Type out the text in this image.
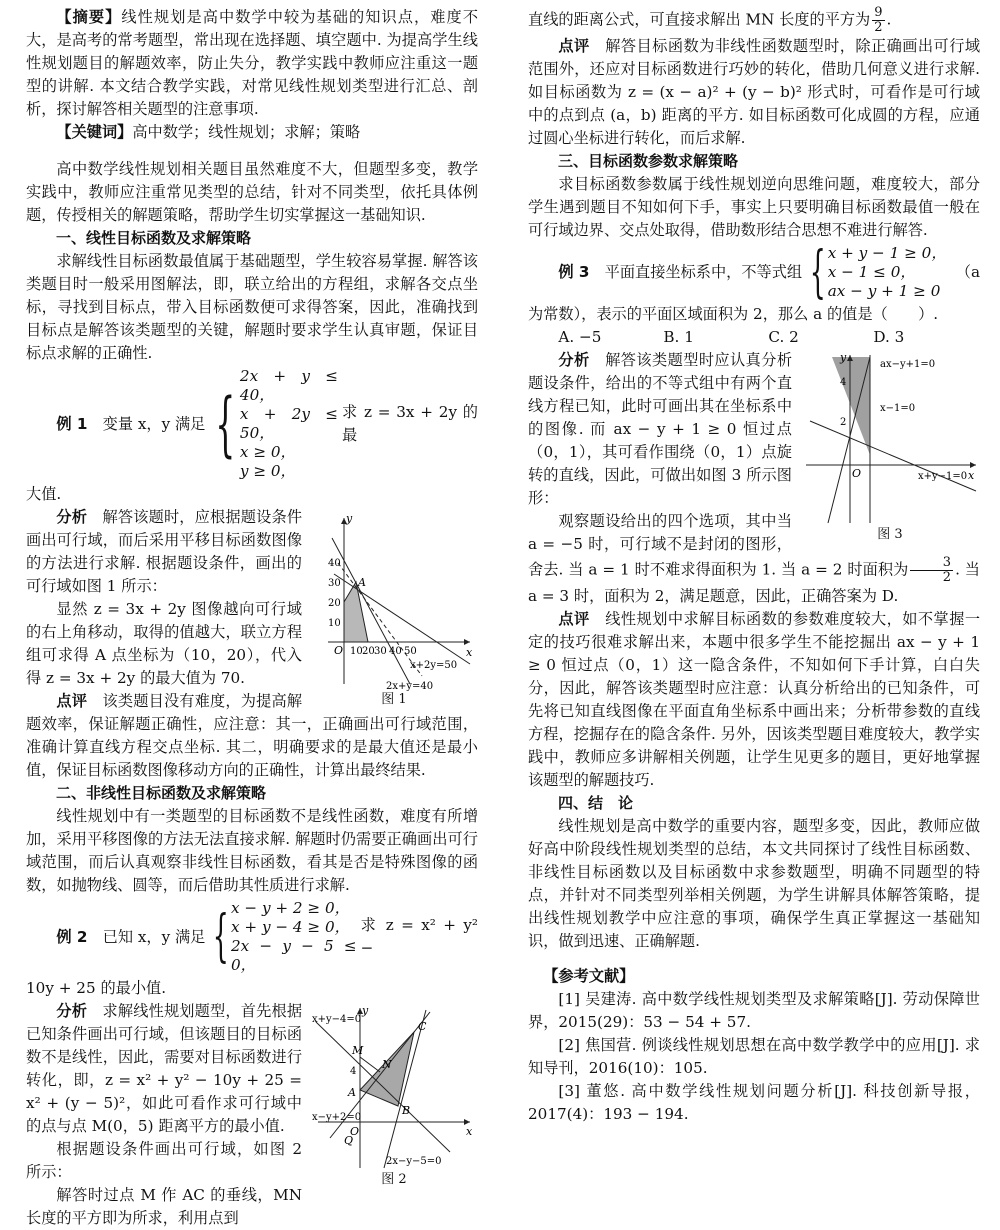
【摘要】线性规划是高中数学中较为基础的知识点，难度不大，是高考的常考题型，常出现在选择题、填空题中. 为提高学生线性规划题目的解题效率，防止失分，教学实践中教师应注重这一题型的讲解. 本文结合教学实践，对常见线性规划类型进行汇总、剖析，探讨解答相关题型的注意事项.

【关键词】高中数学；线性规划；求解；策略

高中数学线性规划相关题目虽然难度不大，但题型多变，教学实践中，教师应注重常见类型的总结，针对不同类型，依托具体例题，传授相关的解题策略，帮助学生切实掌握这一基础知识.

一、线性目标函数及求解策略

求解线性目标函数最值属于基础题型，学生较容易掌握. 解答该类题目时一般采用图解法，即，联立给出的方程组，求解各交点坐标，寻找到目标点，带入目标函数便可求得答案，因此，准确找到目标点是解答该类题型的关键，解题时要求学生认真审题，保证目标点求解的正确性.

例 1　 变量 x，y 满足 {
2x + y ≤ 40，
x + 2y ≤ 50，
x ≥ 0，
y ≥ 0，
求 z = 3x + 2y 的最

大值.

y
x
O
40
30
20
10
10 20 30 40 50
A
x+2y=50
2x+y=40
图 1

分析　 解答该题时，应根据题设条件画出可行域，而后采用平移目标函数图像的方法进行求解. 根据题设条件，画出的可行域如图 1 所示：

显然 z = 3x + 2y 图像越向可行域的右上角移动，取得的值越大，联立方程组可求得 A 点坐标为（10，20），代入得 z = 3x + 2y 的最大值为 70.

点评　 该类题目没有难度，为提高解题效率，保证解题正确性，应注意：其一，正确画出可行域范围，准确计算直线方程交点坐标. 其二，明确要求的是最大值还是最小值，保证目标函数图像移动方向的正确性，计算出最终结果.

二、非线性目标函数及求解策略

线性规划中有一类题型的目标函数不是线性函数，难度有所增加，采用平移图像的方法无法直接求解. 解题时仍需要正确画出可行域范围，而后认真观察非线性目标函数，看其是否是特殊图像的函数，如抛物线、圆等，而后借助其性质进行求解.

例 2　 已知 x，y 满足 { x − y + 2 ≥ 0，
x + y − 4 ≥ 0，
2x − y − 5 ≤ 0，
求 z = x² + y² −

10y + 25 的最小值.

y
x
O
4
M
N
A
B
C
Q
x+y−4=0
x−y+2=0
2x−y−5=0
图 2

分析　 求解线性规划题型，首先根据已知条件画出可行域，但该题目的目标函数不是线性，因此，需要对目标函数进行转化，即，z = x² + y² − 10y + 25 = x² + (y − 5)²，如此可看作求可行域中的点与点 M(0，5) 距离平方的最小值.

根据题设条件画出可行域，如图 2 所示：

解答时过点 M 作 AC 的垂线，MN 长度的平方即为所求，利用点到

直线的距离公式，可直接求解出 MN 长度的平方为 $\frac{9}{2}$ .

点评　 解答目标函数为非线性函数题型时，除正确画出可行域范围外，还应对目标函数进行巧妙的转化，借助几何意义进行求解. 如目标函数为 z = (x − a)² + (y − b)² 形式时，可看作是可行域中的点到点 (a，b) 距离的平方. 如目标函数可化成圆的方程，应通过圆心坐标进行转化，而后求解.

三、目标函数参数求解策略

求目标函数参数属于线性规划逆向思维问题，难度较大，部分学生遇到题目不知如何下手，事实上只要明确目标函数最值一般在可行域边界、交点处取得，借助数形结合思想不难进行解答.

例 3　 平面直接坐标系中，不等式组 { x + y − 1 ≥ 0，
x − 1 ≤ 0，
ax − y + 1 ≥ 0
（a

为常数），表示的平面区域面积为 2，那么 a 的值是（　　）.

A. −5	B. 1	C. 2	D. 3
y
x
O
4
2
ax−y+1=0
x−1=0
x+y−1=0
图 3

分析　 解答该类题型时应认真分析题设条件，给出的不等式组中有两个直线方程已知，此时可画出其在坐标系中的图像. 而 ax − y + 1 ≥ 0 恒过点（0，1），其可看作围绕（0，1）点旋转的直线，因此，可做出如图 3 所示图形：

观察题设给出的四个选项，其中当 a = −5 时，可行域不是封闭的图形，舍去. 当 a = 1 时不难求得面积为 1. 当 a = 2 时面积为 $\frac{3}{2}$ . 当 a = 3 时，面积为 2，满足题意，因此，正确答案为 D.

点评　 线性规划中求解目标函数的参数难度较大，如不掌握一定的技巧很难求解出来，本题中很多学生不能挖掘出 ax − y + 1 ≥ 0 恒过点（0，1）这一隐含条件，不知如何下手计算，白白失分，因此，解答该类题型时应注意：认真分析给出的已知条件，可先将已知直线图像在平面直角坐标系中画出来；分析带参数的直线方程，挖掘存在的隐含条件. 另外，因该类型题目难度较大，教学实践中，教师应多讲解相关例题，让学生见更多的题目，更好地掌握该题型的解题技巧.

四、结　论

线性规划是高中数学的重要内容，题型多变，因此，教师应做好高中阶段线性规划类型的总结，本文共同探讨了线性目标函数、非线性目标函数以及目标函数中求参数题型，明确不同题型的特点，并针对不同类型列举相关例题，为学生讲解具体解答策略，提出线性规划教学中应注意的事项，确保学生真正掌握这一基础知识，做到迅速、正确解题.

【参考文献】

[1] 吴建涛. 高中数学线性规划类型及求解策略[J]. 劳动保障世界，2015(29)：53 − 54 + 57.

[2] 焦国营. 例谈线性规划思想在高中数学教学中的应用[J]. 求知导刊，2016(10)：105.

[3] 董悠. 高中数学线性规划问题分析[J]. 科技创新导报，2017(4)：193 − 194.
